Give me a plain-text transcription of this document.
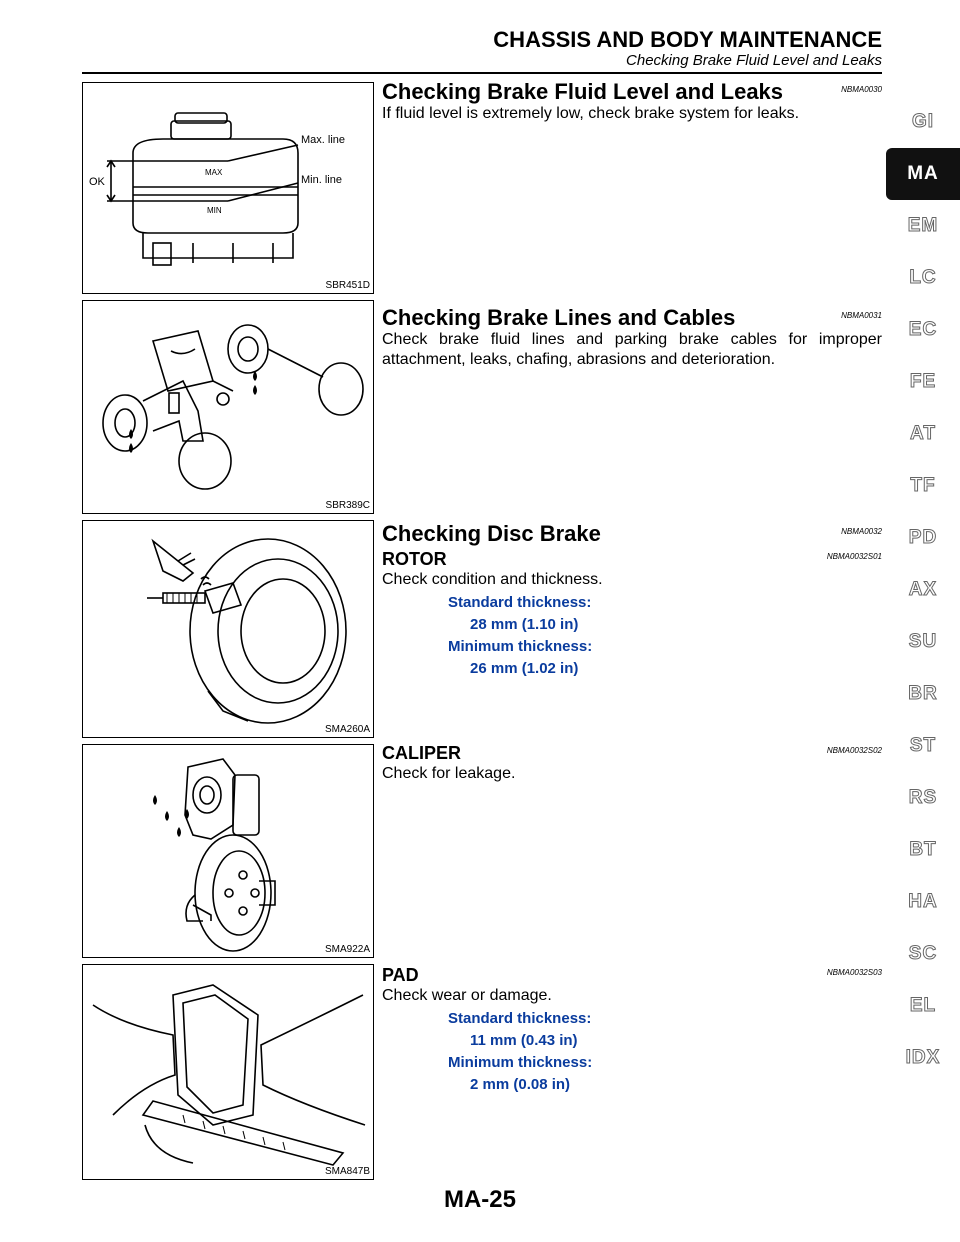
CHASSIS AND BODY MAINTENANCE
Checking Brake Fluid Level and Leaks
Max. line
Min. line
OK
MAX
MIN
SBR451D
SBR389C
SMA260A
SMA922A
SMA847B
Checking Brake Fluid Level and Leaks	NBMA0030
If fluid level is extremely low, check brake system for leaks.
Checking Brake Lines and Cables	NBMA0031
Check brake fluid lines and parking brake cables for improper attachment, leaks, chafing, abrasions and deterioration.
Checking Disc Brake	NBMA0032
ROTOR	NBMA0032S01
Check condition and thickness.
Standard thickness:
28 mm (1.10 in)
Minimum thickness:
26 mm (1.02 in)
CALIPER	NBMA0032S02
Check for leakage.
PAD	NBMA0032S03
Check wear or damage.
Standard thickness:
11 mm (0.43 in)
Minimum thickness:
2 mm (0.08 in)
GI
MA
EM
LC
EC
FE
AT
TF
PD
AX
SU
BR
ST
RS
BT
HA
SC
EL
IDX
MA-25
